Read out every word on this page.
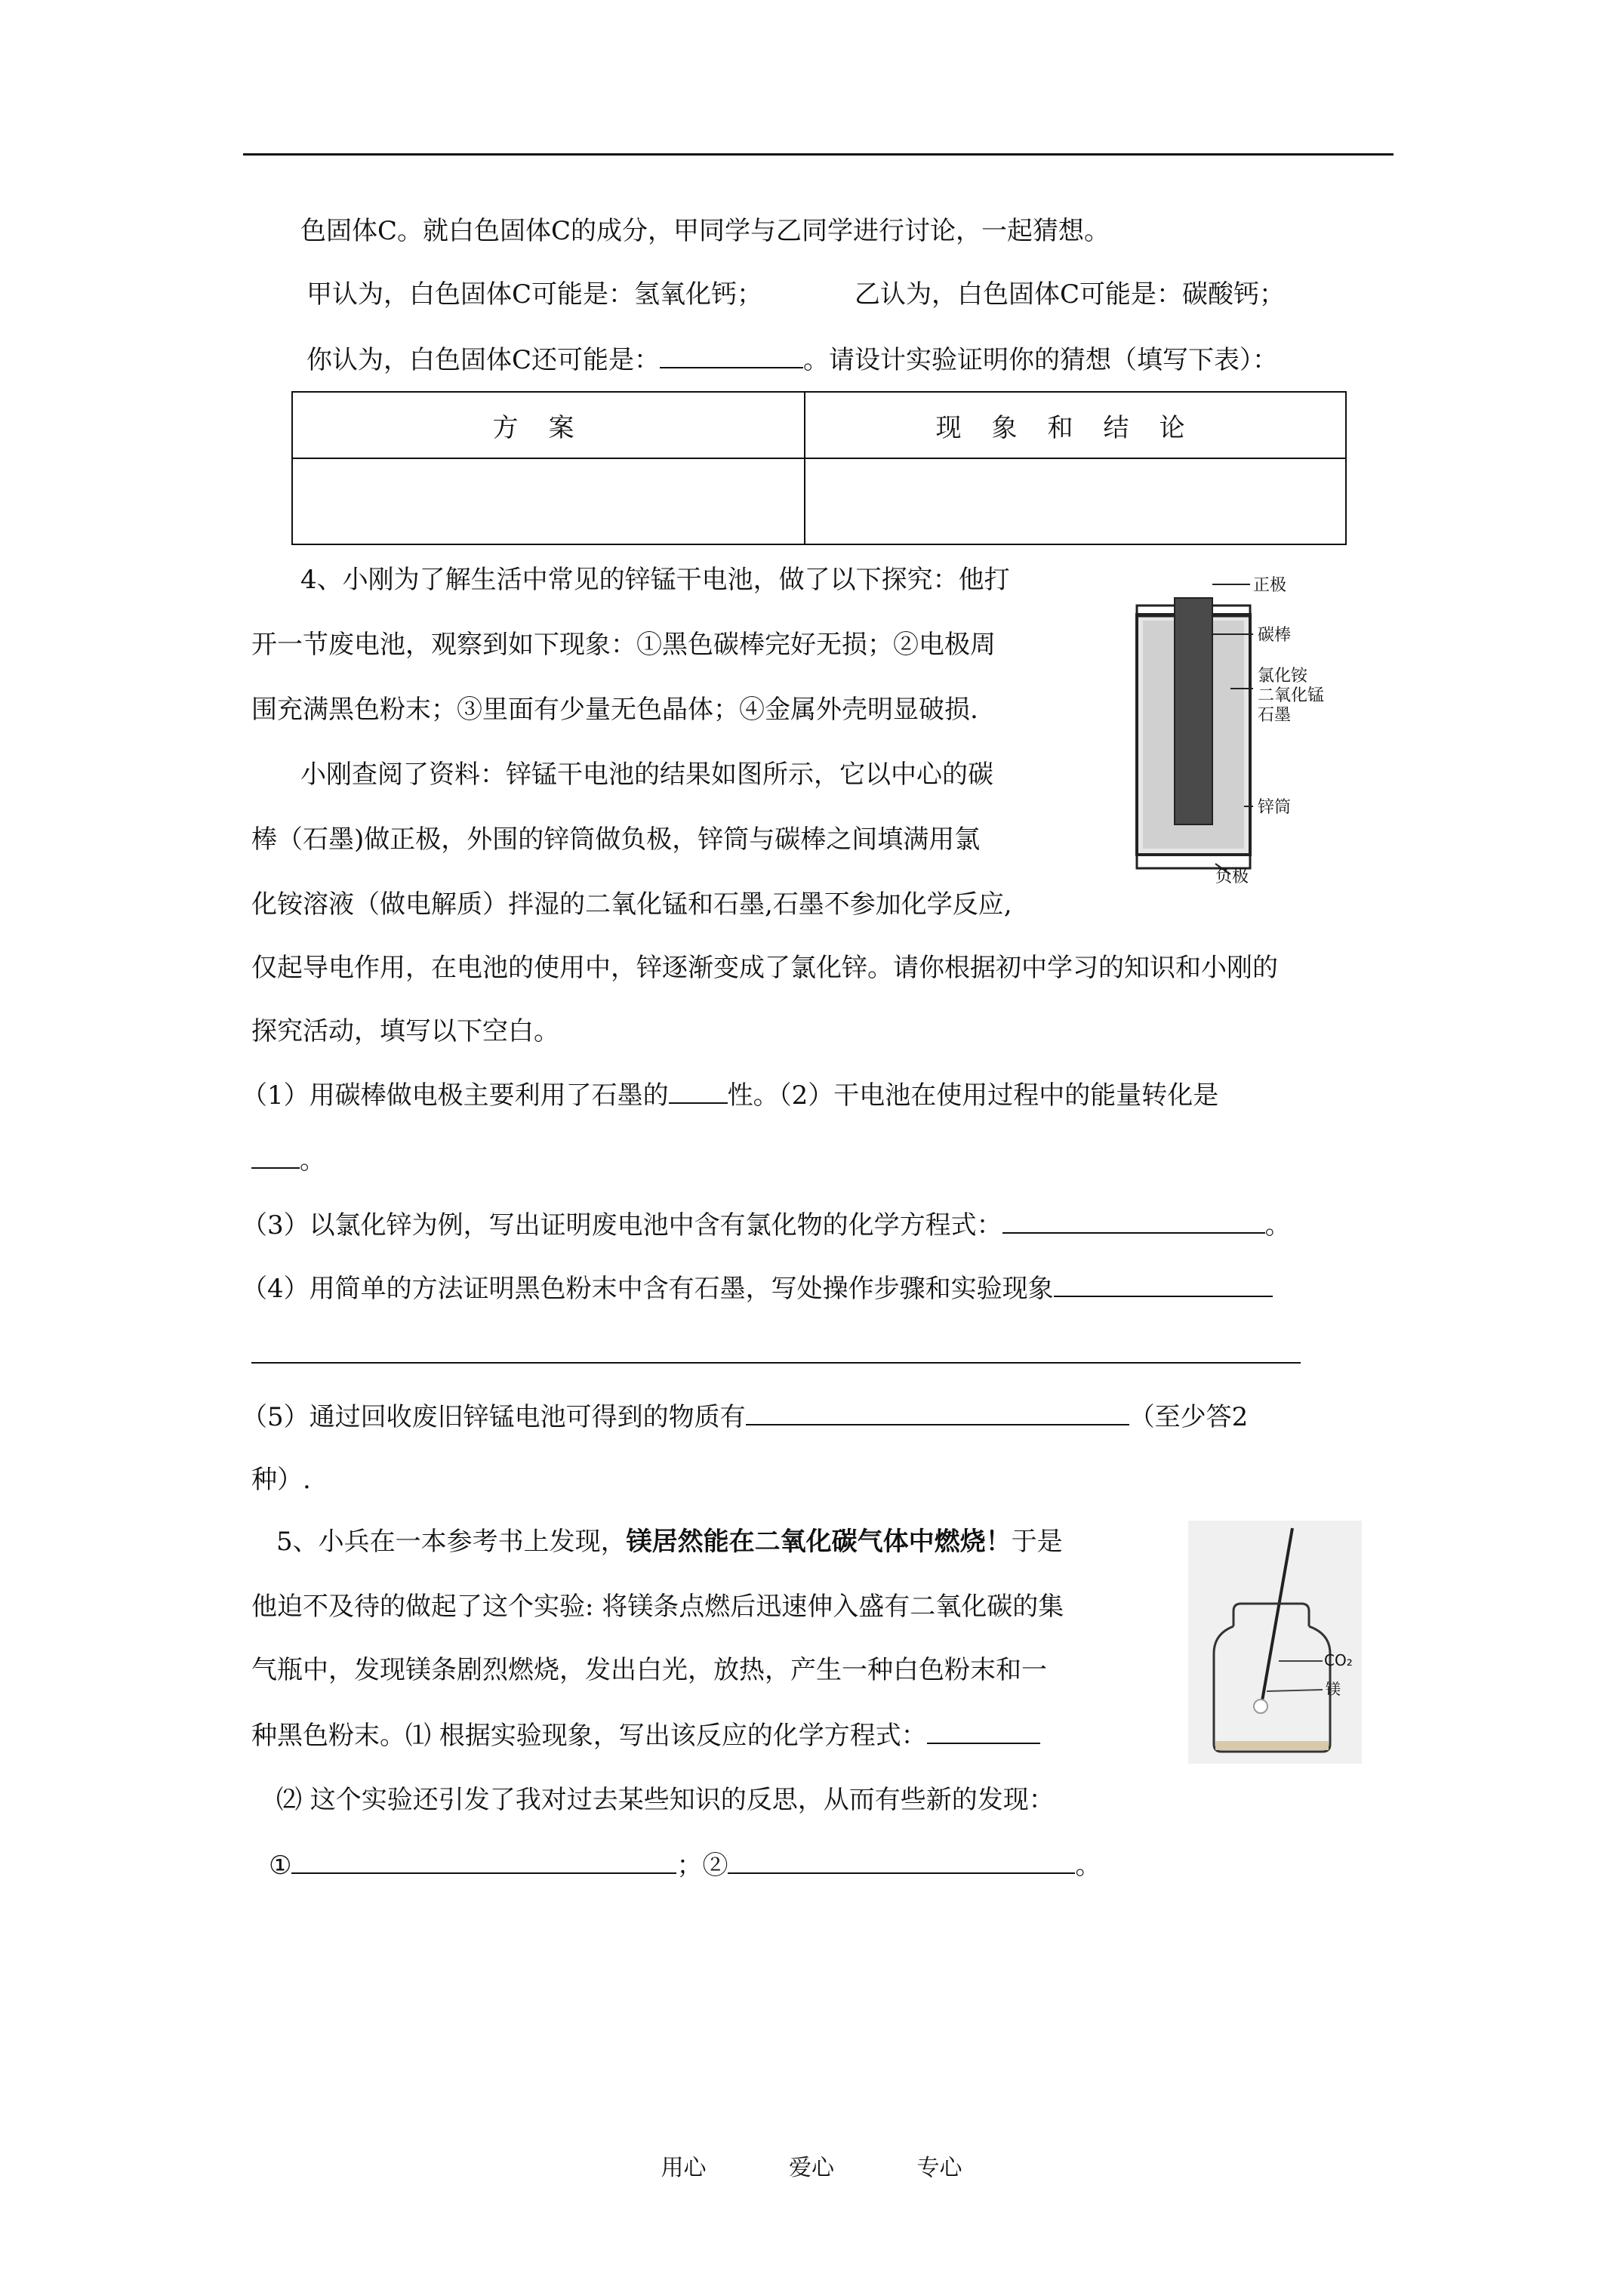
色固体C。就白色固体C的成分，甲同学与乙同学进行讨论，一起猜想。
甲认为，白色固体C可能是：氢氧化钙；	乙认为，白色固体C可能是：碳酸钙；
你认为，白色固体C还可能是：	。请设计实验证明你的猜想（填写下表）：
方案	现象和结论

4、小刚为了解生活中常见的锌锰干电池，做了以下探究：他打
开一节废电池，观察到如下现象：①黑色碳棒完好无损；②电极周
围充满黑色粉末；③里面有少量无色晶体；④金属外壳明显破损.
小刚查阅了资料：锌锰干电池的结果如图所示，它以中心的碳
棒（石墨)做正极，外围的锌筒做负极，锌筒与碳棒之间填满用氯
化铵溶液（做电解质）拌湿的二氧化锰和石墨,石墨不参加化学反应,
仅起导电作用，在电池的使用中，锌逐渐变成了氯化锌。请你根据初中学习的知识和小刚的
探究活动，填写以下空白。
正极
碳棒
氯化铵
二氧化锰
石墨
锌筒
负极
（1）用碳棒做电极主要利用了石墨的 性。（2）干电池在使用过程中的能量转化是
。
（3）以氯化锌为例，写出证明废电池中含有氯化物的化学方程式：	。
（4）用简单的方法证明黑色粉末中含有石墨，写处操作步骤和实验现象
（5）通过回收废旧锌锰电池可得到的物质有	（至少答2
种）.
5、小兵在一本参考书上发现，镁居然能在二氧化碳气体中燃烧！于是
他迫不及待的做起了这个实验: 将镁条点燃后迅速伸入盛有二氧化碳的集
气瓶中，发现镁条剧烈燃烧，发出白光，放热，产生一种白色粉末和一
种黑色粉末。⑴ 根据实验现象，写出该反应的化学方程式：
⑵ 这个实验还引发了我对过去某些知识的反思，从而有些新的发现：
①	；②	。
CO₂
镁
用心	爱心	专心
